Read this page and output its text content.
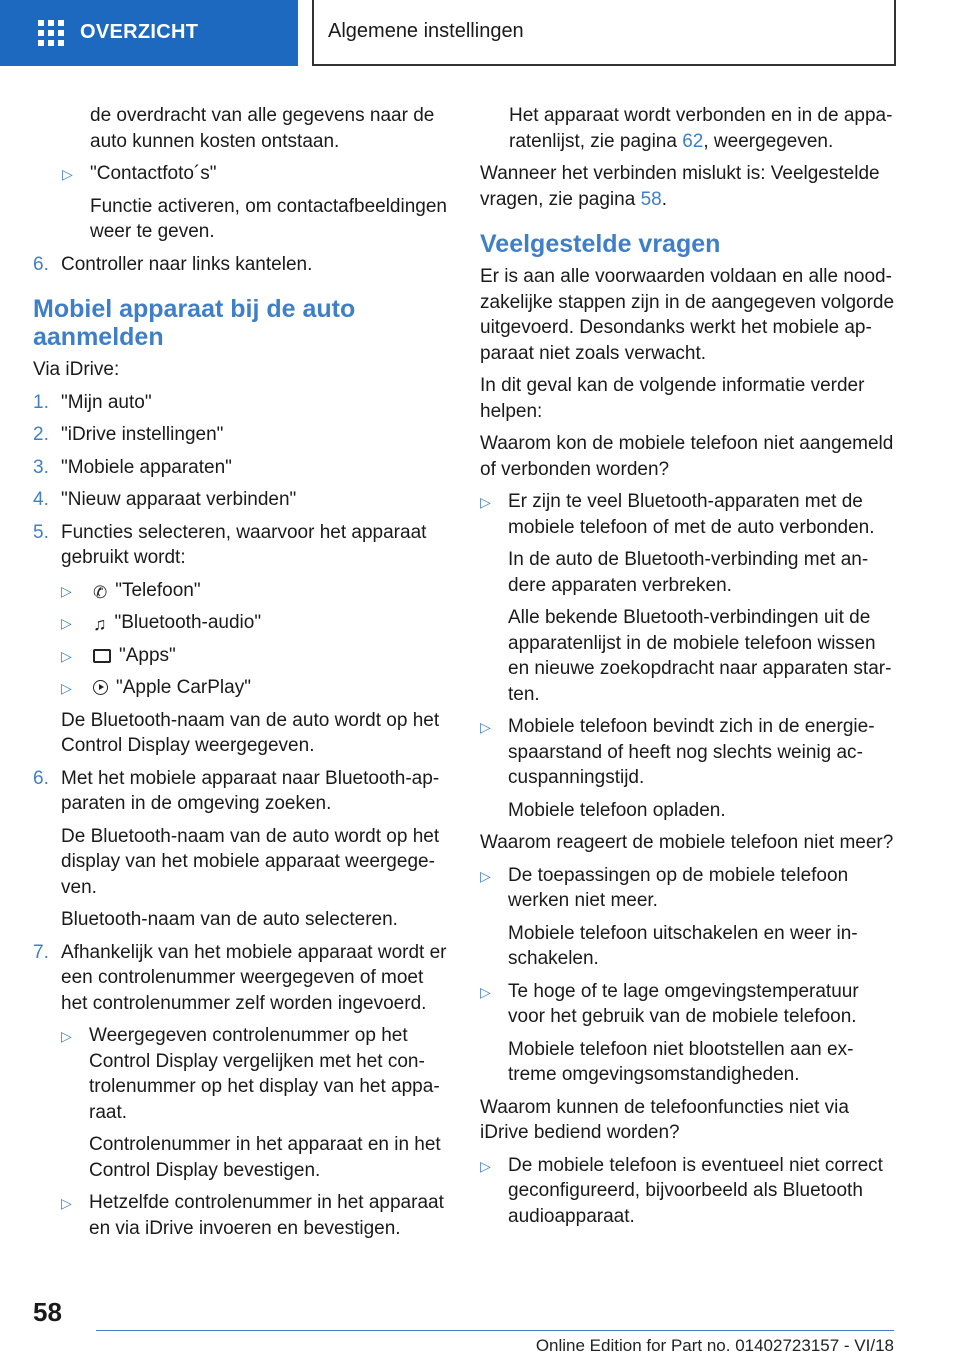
OVERZICHT	Algemene instellingen

de overdracht van alle gegevens naar de auto kunnen kosten ontstaan.

▷ "Contactfoto´s"

Functie activeren, om contactafbeeldingen weer te geven.

6. Controller naar links kantelen.
Mobiel apparaat bij de auto aanmelden

Via iDrive:

1. "Mijn auto"
2. "iDrive instellingen"
3. "Mobiele apparaten"
4. "Nieuw apparaat verbinden"
5. Functies selecteren, waarvoor het apparaat gebruikt wordt:
▷ ✆ "Telefoon"
▷ ♫ "Bluetooth-audio"
▷ "Apps"
▷ "Apple CarPlay"

De Bluetooth-naam van de auto wordt op het Control Display weergegeven.

6. Met het mobiele apparaat naar Bluetooth-apparaten in de omgeving zoeken.

De Bluetooth-naam van de auto wordt op het display van het mobiele apparaat weergegeven.

Bluetooth-naam van de auto selecteren.

7. Afhankelijk van het mobiele apparaat wordt er een controlenummer weergegeven of moet het controlenummer zelf worden ingevoerd.
▷ Weergegeven controlenummer op het Control Display vergelijken met het controlenummer op het display van het apparaat.

Controlenummer in het apparaat en in het Control Display bevestigen.

▷ Hetzelfde controlenummer in het apparaat en via iDrive invoeren en bevestigen.

Het apparaat wordt verbonden en in de apparatenlijst, zie pagina 62, weergegeven.

Wanneer het verbinden mislukt is: Veelgestelde vragen, zie pagina 58.

Veelgestelde vragen

Er is aan alle voorwaarden voldaan en alle noodzakelijke stappen zijn in de aangegeven volgorde uitgevoerd. Desondanks werkt het mobiele apparaat niet zoals verwacht.

In dit geval kan de volgende informatie verder helpen:

Waarom kon de mobiele telefoon niet aangemeld of verbonden worden?

▷ Er zijn te veel Bluetooth-apparaten met de mobiele telefoon of met de auto verbonden.

In de auto de Bluetooth-verbinding met andere apparaten verbreken.

Alle bekende Bluetooth-verbindingen uit de apparatenlijst in de mobiele telefoon wissen en nieuwe zoekopdracht naar apparaten starten.

▷ Mobiele telefoon bevindt zich in de energiespaarstand of heeft nog slechts weinig accuspanningstijd.

Mobiele telefoon opladen.

Waarom reageert de mobiele telefoon niet meer?

▷ De toepassingen op de mobiele telefoon werken niet meer.

Mobiele telefoon uitschakelen en weer inschakelen.

▷ Te hoge of te lage omgevingstemperatuur voor het gebruik van de mobiele telefoon.

Mobiele telefoon niet blootstellen aan extreme omgevingsomstandigheden.

Waarom kunnen de telefoonfuncties niet via iDrive bediend worden?

▷ De mobiele telefoon is eventueel niet correct geconfigureerd, bijvoorbeeld als Bluetooth audioapparaat.
58
Online Edition for Part no. 01402723157 - VI/18
